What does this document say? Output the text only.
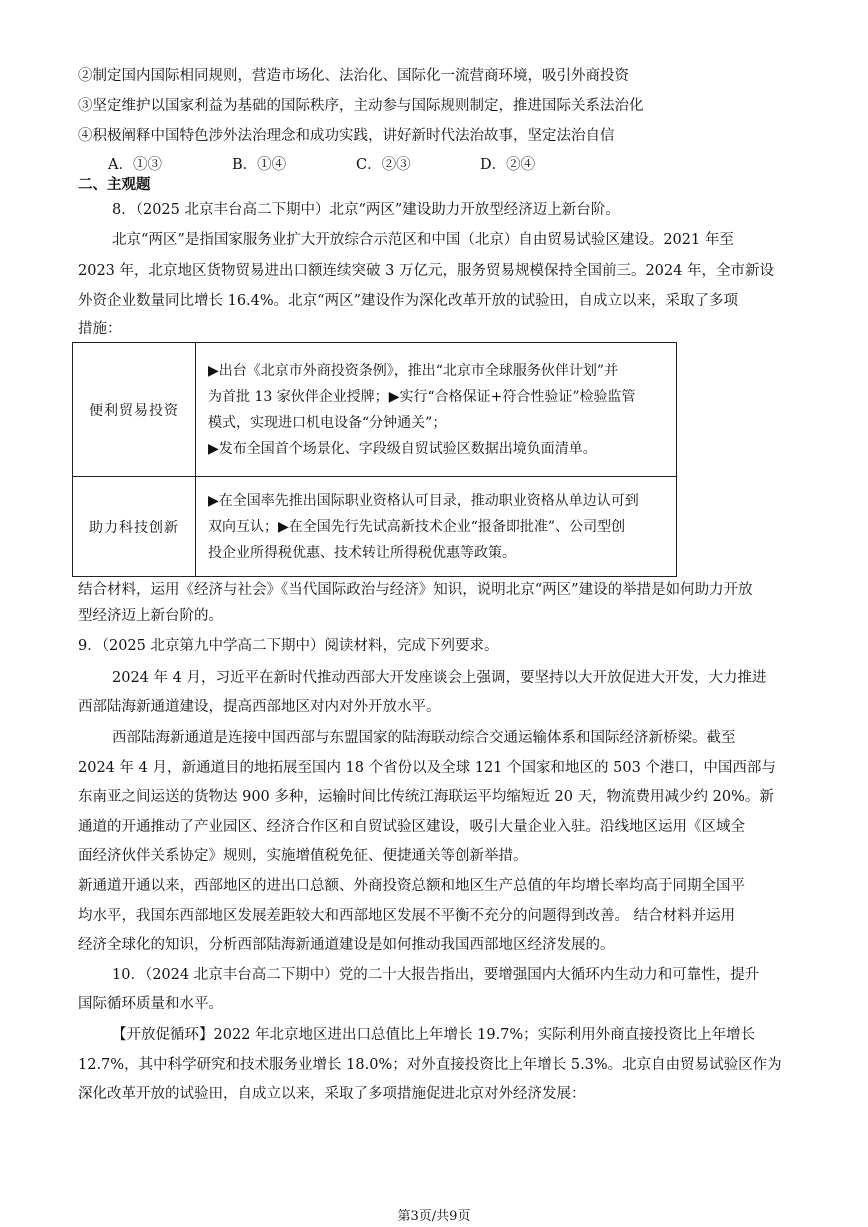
②制定国内国际相同规则，营造市场化、法治化、国际化一流营商环境，吸引外商投资
③坚定维护以国家利益为基础的国际秩序，主动参与国际规则制定，推进国际关系法治化
④积极阐释中国特色涉外法治理念和成功实践，讲好新时代法治故事，坚定法治自信
A．①③	B．①④	C．②③	D．②④
二、主观题
8．（2025 北京丰台高二下期中）北京“两区”建设助力开放型经济迈上新台阶。
北京“两区”是指国家服务业扩大开放综合示范区和中国（北京）自由贸易试验区建设。2021 年至
2023 年，北京地区货物贸易进出口额连续突破 3 万亿元，服务贸易规模保持全国前三。2024 年，全市新设
外资企业数量同比增长 16.4%。北京“两区”建设作为深化改革开放的试验田，自成立以来，采取了多项
措施：
便利贸易投资	▶出台《北京市外商投资条例》，推出“北京市全球服务伙伴计划”并
为首批 13 家伙伴企业授牌；▶实行“合格保证+符合性验证”检验监管
模式，实现进口机电设备“分钟通关”；
▶发布全国首个场景化、字段级自贸试验区数据出境负面清单。

助力科技创新	▶在全国率先推出国际职业资格认可目录，推动职业资格从单边认可到
双向互认；▶在全国先行先试高新技术企业“报备即批准”、公司型创
投企业所得税优惠、技术转让所得税优惠等政策。
结合材料，运用《经济与社会》《当代国际政治与经济》知识，说明北京“两区”建设的举措是如何助力开放
型经济迈上新台阶的。
9．（2025 北京第九中学高二下期中）阅读材料，完成下列要求。
2024 年 4 月，习近平在新时代推动西部大开发座谈会上强调，要坚持以大开放促进大开发，大力推进
西部陆海新通道建设，提高西部地区对内对外开放水平。
西部陆海新通道是连接中国西部与东盟国家的陆海联动综合交通运输体系和国际经济新桥梁。截至
2024 年 4 月，新通道目的地拓展至国内 18 个省份以及全球 121 个国家和地区的 503 个港口，中国西部与
东南亚之间运送的货物达 900 多种，运输时间比传统江海联运平均缩短近 20 天，物流费用减少约 20%。新
通道的开通推动了产业园区、经济合作区和自贸试验区建设，吸引大量企业入驻。沿线地区运用《区域全
面经济伙伴关系协定》规则，实施增值税免征、便捷通关等创新举措。
新通道开通以来，西部地区的进出口总额、外商投资总额和地区生产总值的年均增长率均高于同期全国平
均水平，我国东西部地区发展差距较大和西部地区发展不平衡不充分的问题得到改善。 结合材料并运用
经济全球化的知识，分析西部陆海新通道建设是如何推动我国西部地区经济发展的。
10．（2024 北京丰台高二下期中）党的二十大报告指出，要增强国内大循环内生动力和可靠性，提升
国际循环质量和水平。
【开放促循环】2022 年北京地区进出口总值比上年增长 19.7%；实际利用外商直接投资比上年增长
12.7%，其中科学研究和技术服务业增长 18.0%；对外直接投资比上年增长 5.3%。北京自由贸易试验区作为
深化改革开放的试验田，自成立以来，采取了多项措施促进北京对外经济发展：
第3页/共9页
